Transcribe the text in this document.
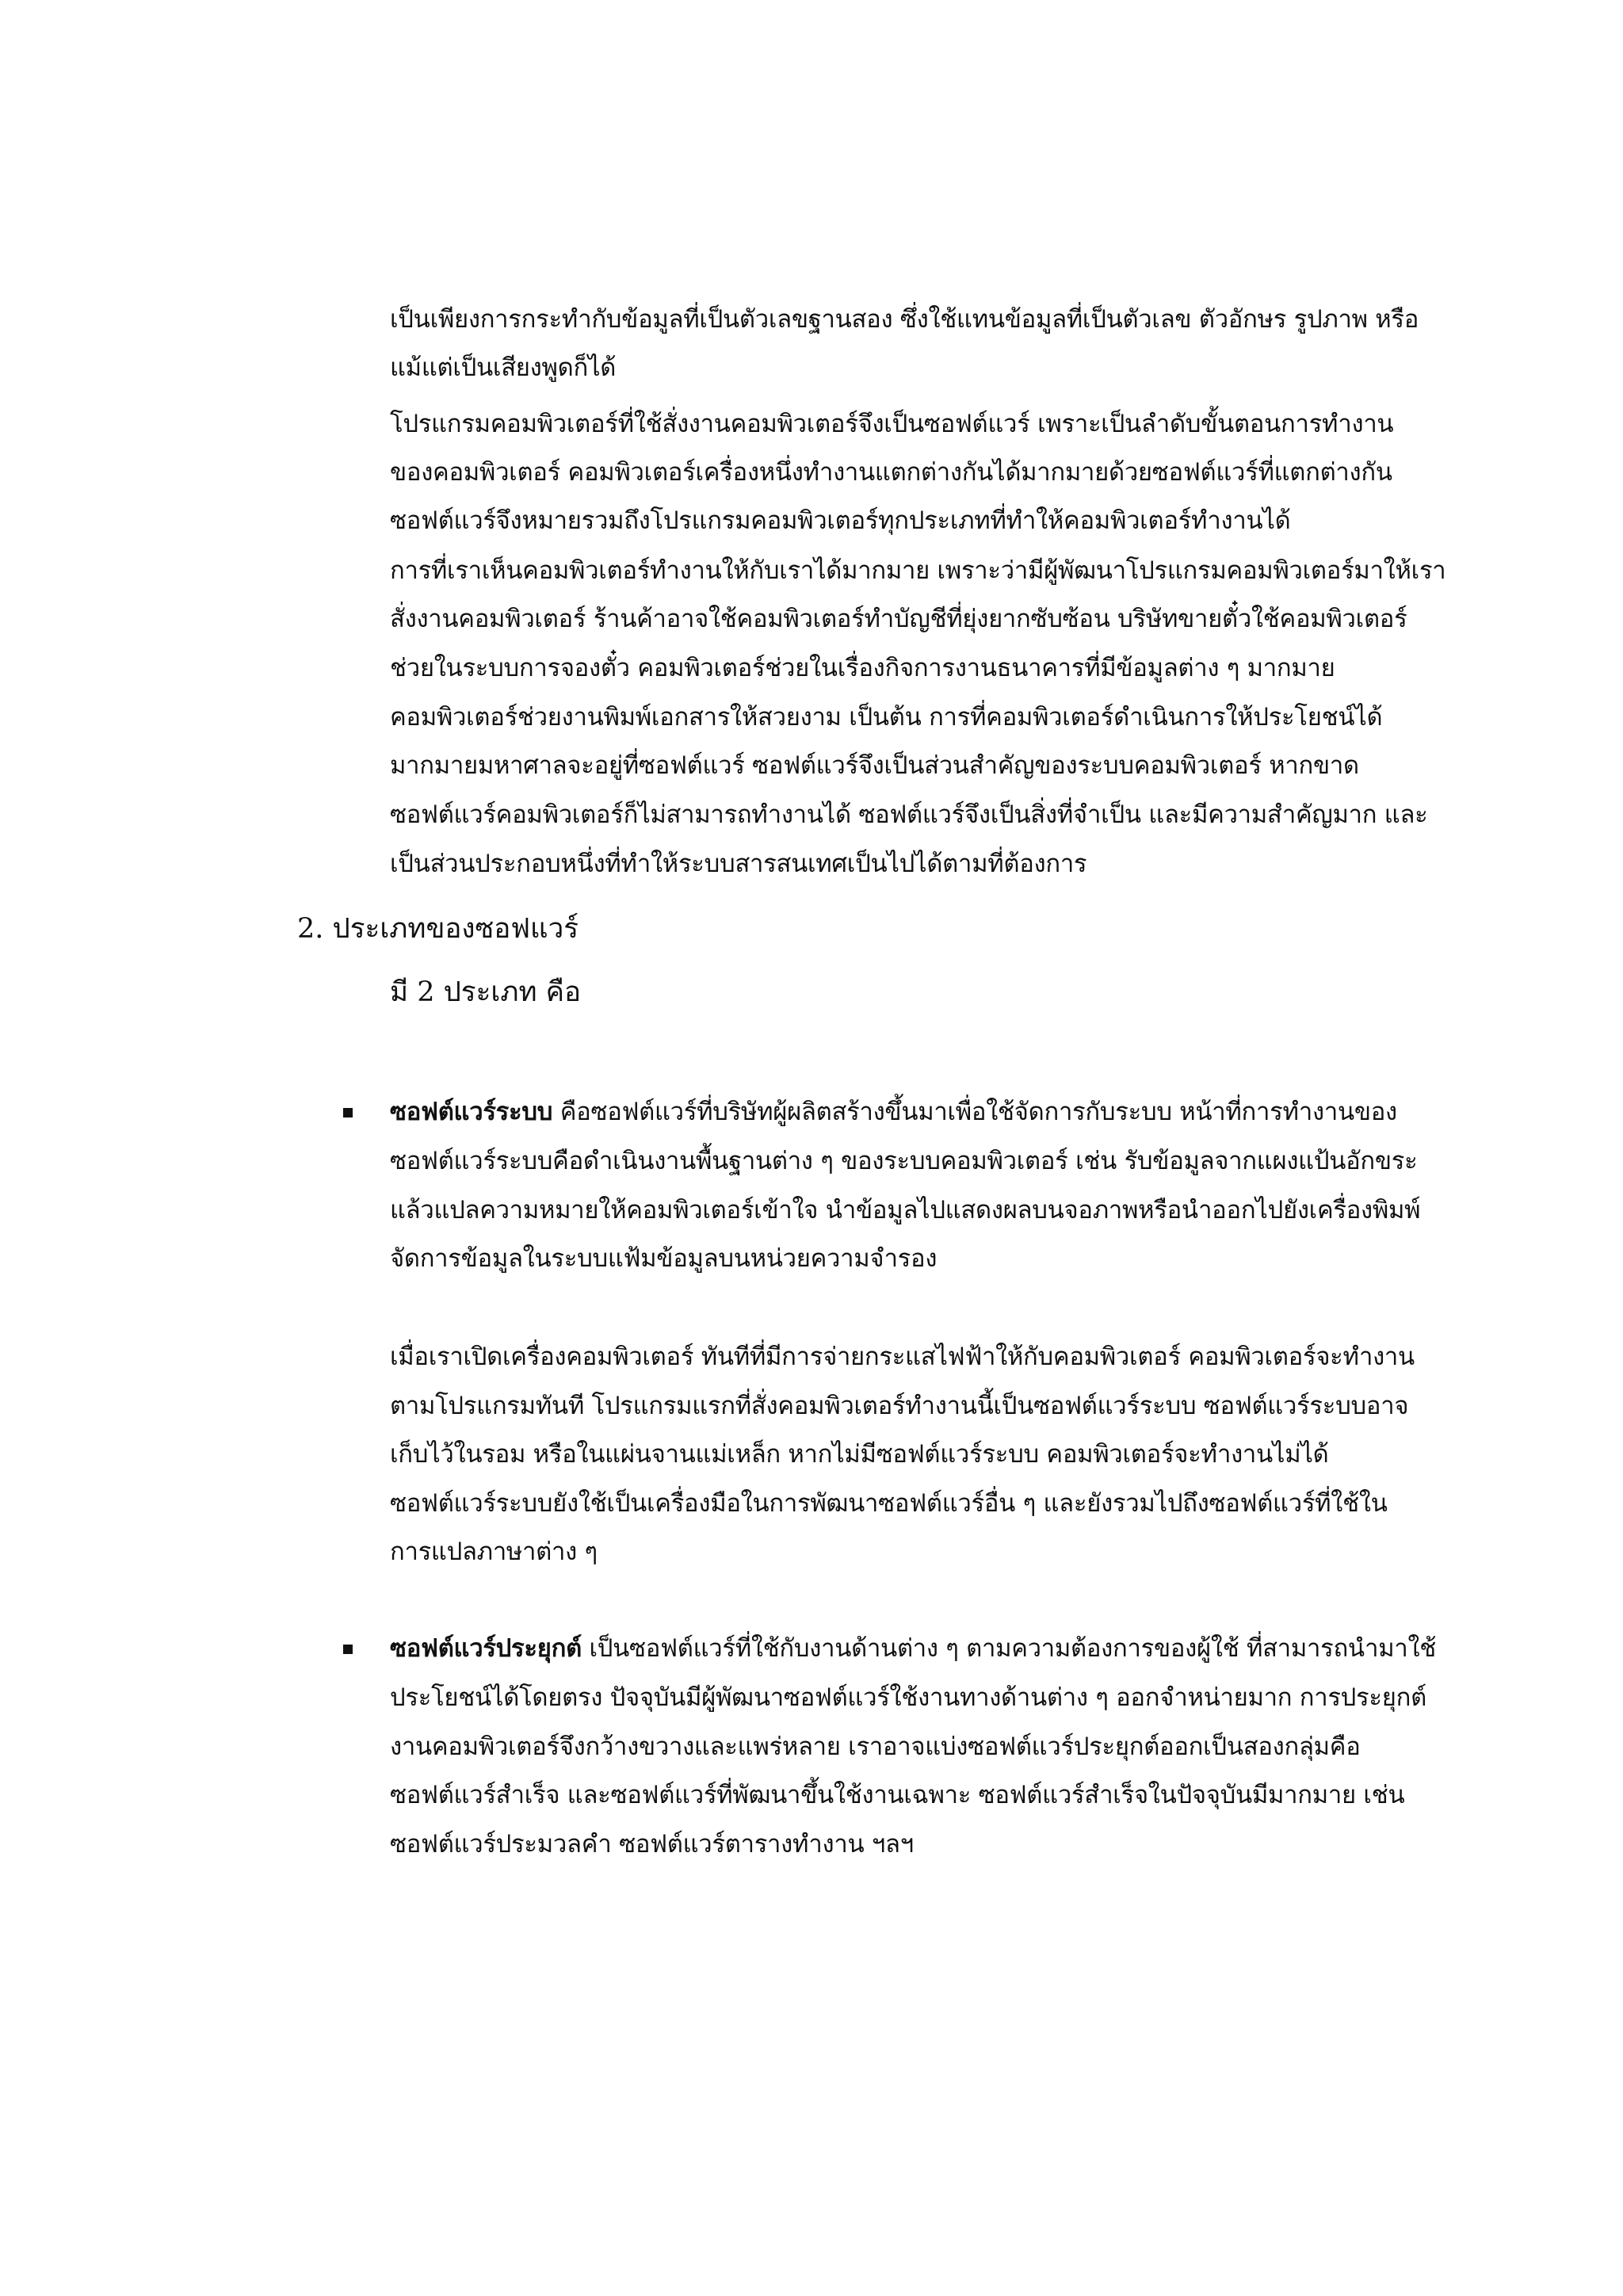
เป็นเพียงการกระทำกับข้อมูลที่เป็นตัวเลขฐานสอง ซึ่งใช้แทนข้อมูลที่เป็นตัวเลข ตัวอักษร รูปภาพ หรือ
แม้แต่เป็นเสียงพูดก็ได้
โปรแกรมคอมพิวเตอร์ที่ใช้สั่งงานคอมพิวเตอร์จึงเป็นซอฟต์แวร์ เพราะเป็นลำดับขั้นตอนการทำงาน
ของคอมพิวเตอร์ คอมพิวเตอร์เครื่องหนึ่งทำงานแตกต่างกันได้มากมายด้วยซอฟต์แวร์ที่แตกต่างกัน
ซอฟต์แวร์จึงหมายรวมถึงโปรแกรมคอมพิวเตอร์ทุกประเภทที่ทำให้คอมพิวเตอร์ทำงานได้
การที่เราเห็นคอมพิวเตอร์ทำงานให้กับเราได้มากมาย เพราะว่ามีผู้พัฒนาโปรแกรมคอมพิวเตอร์มาให้เรา
สั่งงานคอมพิวเตอร์ ร้านค้าอาจใช้คอมพิวเตอร์ทำบัญชีที่ยุ่งยากซับซ้อน บริษัทขายตั๋วใช้คอมพิวเตอร์
ช่วยในระบบการจองตั๋ว คอมพิวเตอร์ช่วยในเรื่องกิจการงานธนาคารที่มีข้อมูลต่าง ๆ มากมาย
คอมพิวเตอร์ช่วยงานพิมพ์เอกสารให้สวยงาม เป็นต้น การที่คอมพิวเตอร์ดำเนินการให้ประโยชน์ได้
มากมายมหาศาลจะอยู่ที่ซอฟต์แวร์ ซอฟต์แวร์จึงเป็นส่วนสำคัญของระบบคอมพิวเตอร์ หากขาด
ซอฟต์แวร์คอมพิวเตอร์ก็ไม่สามารถทำงานได้ ซอฟต์แวร์จึงเป็นสิ่งที่จำเป็น และมีความสำคัญมาก และ
เป็นส่วนประกอบหนึ่งที่ทำให้ระบบสารสนเทศเป็นไปได้ตามที่ต้องการ
2. ประเภทของซอฟแวร์
มี 2 ประเภท คือ
ซอฟต์แวร์ระบบ คือซอฟต์แวร์ที่บริษัทผู้ผลิตสร้างขึ้นมาเพื่อใช้จัดการกับระบบ หน้าที่การทำงานของ
ซอฟต์แวร์ระบบคือดำเนินงานพื้นฐานต่าง ๆ ของระบบคอมพิวเตอร์ เช่น รับข้อมูลจากแผงแป้นอักขระ
แล้วแปลความหมายให้คอมพิวเตอร์เข้าใจ นำข้อมูลไปแสดงผลบนจอภาพหรือนำออกไปยังเครื่องพิมพ์
จัดการข้อมูลในระบบแฟ้มข้อมูลบนหน่วยความจำรอง
เมื่อเราเปิดเครื่องคอมพิวเตอร์ ทันทีที่มีการจ่ายกระแสไฟฟ้าให้กับคอมพิวเตอร์ คอมพิวเตอร์จะทำงาน
ตามโปรแกรมทันที โปรแกรมแรกที่สั่งคอมพิวเตอร์ทำงานนี้เป็นซอฟต์แวร์ระบบ ซอฟต์แวร์ระบบอาจ
เก็บไว้ในรอม หรือในแผ่นจานแม่เหล็ก หากไม่มีซอฟต์แวร์ระบบ คอมพิวเตอร์จะทำงานไม่ได้
ซอฟต์แวร์ระบบยังใช้เป็นเครื่องมือในการพัฒนาซอฟต์แวร์อื่น ๆ และยังรวมไปถึงซอฟต์แวร์ที่ใช้ใน
การแปลภาษาต่าง ๆ
ซอฟต์แวร์ประยุกต์ เป็นซอฟต์แวร์ที่ใช้กับงานด้านต่าง ๆ ตามความต้องการของผู้ใช้ ที่สามารถนำมาใช้
ประโยชน์ได้โดยตรง ปัจจุบันมีผู้พัฒนาซอฟต์แวร์ใช้งานทางด้านต่าง ๆ ออกจำหน่ายมาก การประยุกต์
งานคอมพิวเตอร์จึงกว้างขวางและแพร่หลาย เราอาจแบ่งซอฟต์แวร์ประยุกต์ออกเป็นสองกลุ่มคือ
ซอฟต์แวร์สำเร็จ และซอฟต์แวร์ที่พัฒนาขึ้นใช้งานเฉพาะ ซอฟต์แวร์สำเร็จในปัจจุบันมีมากมาย เช่น
ซอฟต์แวร์ประมวลคำ ซอฟต์แวร์ตารางทำงาน ฯลฯ
